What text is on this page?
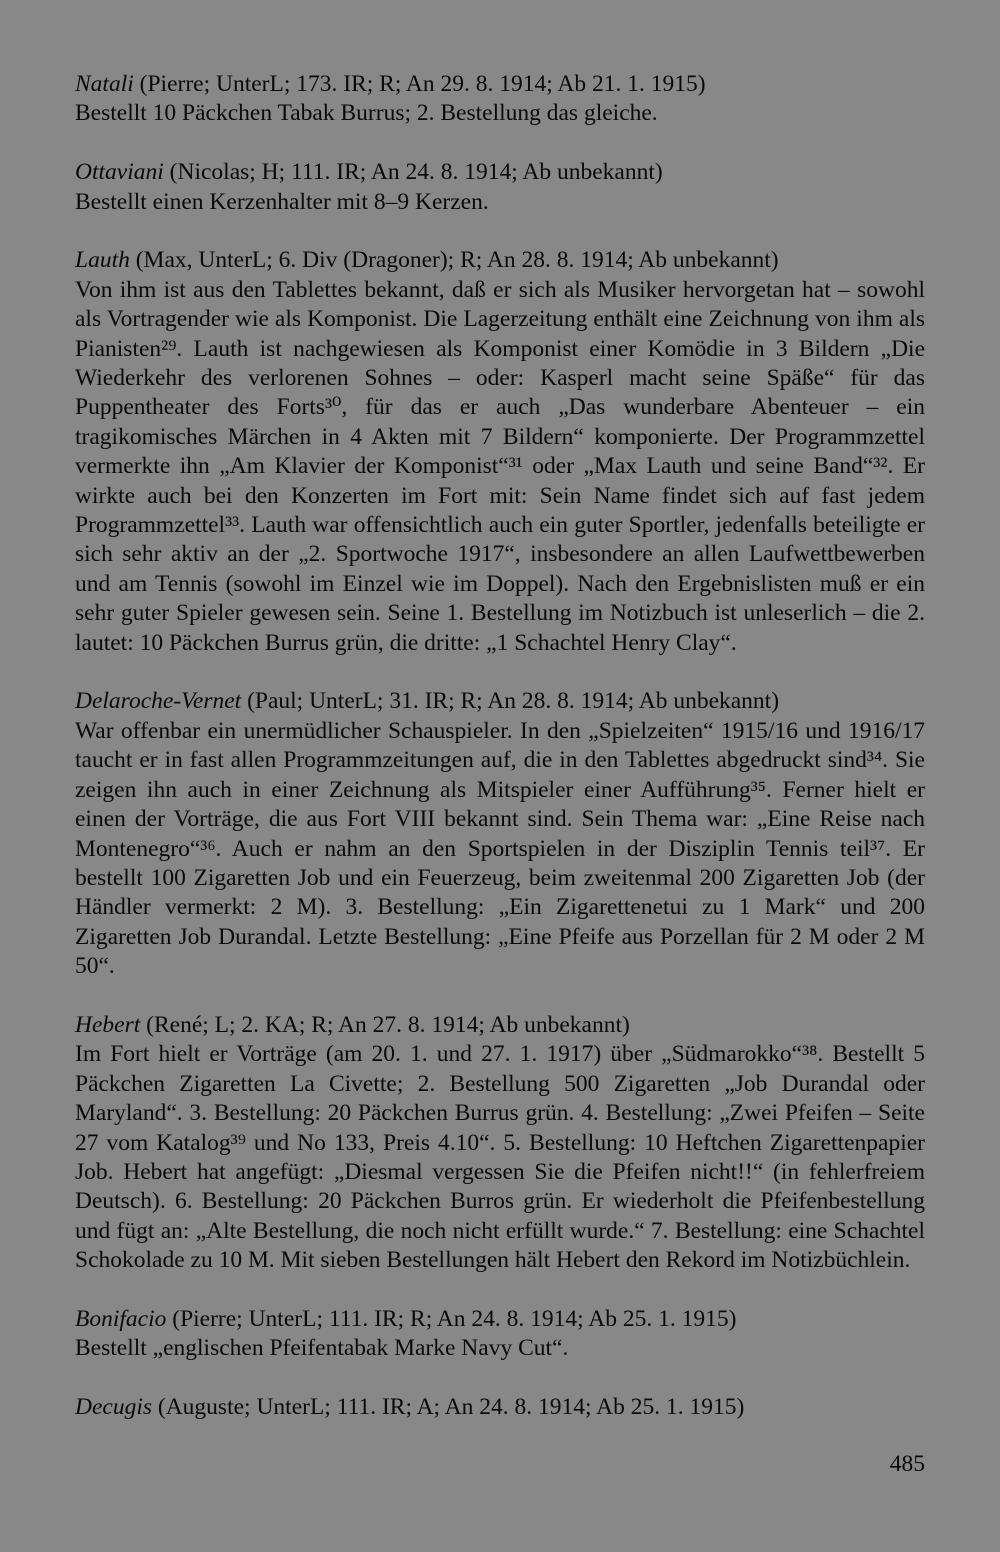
Natali (Pierre; UnterL; 173. IR; R; An 29. 8. 1914; Ab 21. 1. 1915)
Bestellt 10 Päckchen Tabak Burrus; 2. Bestellung das gleiche.
Ottaviani (Nicolas; H; 111. IR; An 24. 8. 1914; Ab unbekannt)
Bestellt einen Kerzenhalter mit 8–9 Kerzen.
Lauth (Max, UnterL; 6. Div (Dragoner); R; An 28. 8. 1914; Ab unbekannt)
Von ihm ist aus den Tablettes bekannt, daß er sich als Musiker hervorgetan hat – sowohl als Vortragender wie als Komponist. Die Lagerzeitung enthält eine Zeichnung von ihm als Pianisten²⁹. Lauth ist nachgewiesen als Komponist einer Komödie in 3 Bildern „Die Wiederkehr des verlorenen Sohnes – oder: Kasperl macht seine Späße“ für das Puppentheater des Forts³⁰, für das er auch „Das wunderbare Abenteuer – ein tragikomisches Märchen in 4 Akten mit 7 Bildern“ komponierte. Der Programmzettel vermerkte ihn „Am Klavier der Komponist“³¹ oder „Max Lauth und seine Band“³². Er wirkte auch bei den Konzerten im Fort mit: Sein Name findet sich auf fast jedem Programmzettel³³. Lauth war offensichtlich auch ein guter Sportler, jedenfalls beteiligte er sich sehr aktiv an der „2. Sportwoche 1917“, insbesondere an allen Laufwettbewerben und am Tennis (sowohl im Einzel wie im Doppel). Nach den Ergebnislisten muß er ein sehr guter Spieler gewesen sein. Seine 1. Bestellung im Notizbuch ist unleserlich – die 2. lautet: 10 Päckchen Burrus grün, die dritte: „1 Schachtel Henry Clay“.
Delaroche-Vernet (Paul; UnterL; 31. IR; R; An 28. 8. 1914; Ab unbekannt)
War offenbar ein unermüdlicher Schauspieler. In den „Spielzeiten“ 1915/16 und 1916/17 taucht er in fast allen Programmzeitungen auf, die in den Tablettes abgedruckt sind³⁴. Sie zeigen ihn auch in einer Zeichnung als Mitspieler einer Aufführung³⁵. Ferner hielt er einen der Vorträge, die aus Fort VIII bekannt sind. Sein Thema war: „Eine Reise nach Montenegro“³⁶. Auch er nahm an den Sportspielen in der Disziplin Tennis teil³⁷. Er bestellt 100 Zigaretten Job und ein Feuerzeug, beim zweitenmal 200 Zigaretten Job (der Händler vermerkt: 2 M). 3. Bestellung: „Ein Zigarettenetui zu 1 Mark“ und 200 Zigaretten Job Durandal. Letzte Bestellung: „Eine Pfeife aus Porzellan für 2 M oder 2 M 50“.
Hebert (René; L; 2. KA; R; An 27. 8. 1914; Ab unbekannt)
Im Fort hielt er Vorträge (am 20. 1. und 27. 1. 1917) über „Südmarokko“³⁸. Bestellt 5 Päckchen Zigaretten La Civette; 2. Bestellung 500 Zigaretten „Job Durandal oder Maryland“. 3. Bestellung: 20 Päckchen Burrus grün. 4. Bestellung: „Zwei Pfeifen – Seite 27 vom Katalog³⁹ und No 133, Preis 4.10“. 5. Bestellung: 10 Heftchen Zigarettenpapier Job. Hebert hat angefügt: „Diesmal vergessen Sie die Pfeifen nicht!!“ (in fehlerfreiem Deutsch). 6. Bestellung: 20 Päckchen Burros grün. Er wiederholt die Pfeifenbestellung und fügt an: „Alte Bestellung, die noch nicht erfüllt wurde.“ 7. Bestellung: eine Schachtel Schokolade zu 10 M. Mit sieben Bestellungen hält Hebert den Rekord im Notizbüchlein.
Bonifacio (Pierre; UnterL; 111. IR; R; An 24. 8. 1914; Ab 25. 1. 1915)
Bestellt „englischen Pfeifentabak Marke Navy Cut“.
Decugis (Auguste; UnterL; 111. IR; A; An 24. 8. 1914; Ab 25. 1. 1915)
485
